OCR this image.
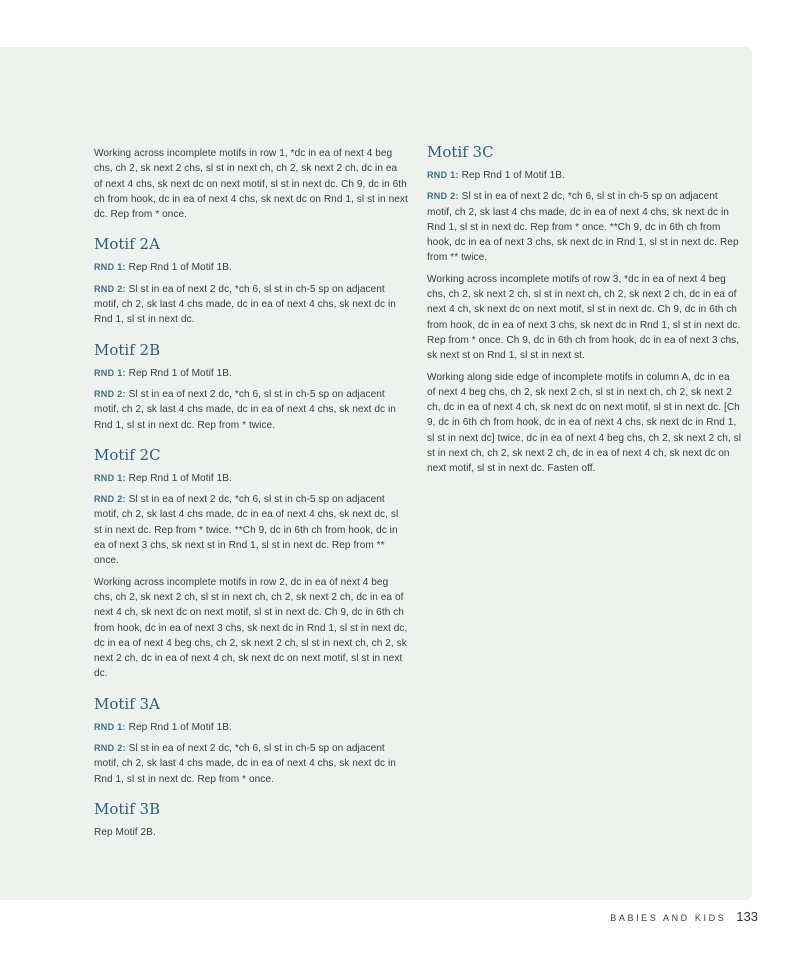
Working across incomplete motifs in row 1, *dc in ea of next 4 beg chs, ch 2, sk next 2 chs, sl st in next ch, ch 2, sk next 2 ch, dc in ea of next 4 chs, sk next dc on next motif, sl st in next dc. Ch 9, dc in 6th ch from hook, dc in ea of next 4 chs, sk next dc on Rnd 1, sl st in next dc. Rep from * once.

Motif 2A

RND 1: Rep Rnd 1 of Motif 1B.

RND 2: Sl st in ea of next 2 dc, *ch 6, sl st in ch-5 sp on adjacent motif, ch 2, sk last 4 chs made, dc in ea of next 4 chs, sk next dc in Rnd 1, sl st in next dc.

Motif 2B

RND 1: Rep Rnd 1 of Motif 1B.

RND 2: Sl st in ea of next 2 dc, *ch 6, sl st in ch-5 sp on adjacent motif, ch 2, sk last 4 chs made, dc in ea of next 4 chs, sk next dc in Rnd 1, sl st in next dc. Rep from * twice.

Motif 2C

RND 1: Rep Rnd 1 of Motif 1B.

RND 2: Sl st in ea of next 2 dc, *ch 6, sl st in ch-5 sp on adjacent motif, ch 2, sk last 4 chs made, dc in ea of next 4 chs, sk next dc, sl st in next dc. Rep from * twice. **Ch 9, dc in 6th ch from hook, dc in ea of next 3 chs, sk next st in Rnd 1, sl st in next dc. Rep from ** once.

Working across incomplete motifs in row 2, dc in ea of next 4 beg chs, ch 2, sk next 2 ch, sl st in next ch, ch 2, sk next 2 ch, dc in ea of next 4 ch, sk next dc on next motif, sl st in next dc. Ch 9, dc in 6th ch from hook, dc in ea of next 3 chs, sk next dc in Rnd 1, sl st in next dc, dc in ea of next 4 beg chs, ch 2, sk next 2 ch, sl st in next ch, ch 2, sk next 2 ch, dc in ea of next 4 ch, sk next dc on next motif, sl st in next dc.

Motif 3A

RND 1: Rep Rnd 1 of Motif 1B.

RND 2: Sl st in ea of next 2 dc, *ch 6, sl st in ch-5 sp on adjacent motif, ch 2, sk last 4 chs made, dc in ea of next 4 chs, sk next dc in Rnd 1, sl st in next dc. Rep from * once.

Motif 3B

Rep Motif 2B.

Motif 3C

RND 1: Rep Rnd 1 of Motif 1B.

RND 2: Sl st in ea of next 2 dc, *ch 6, sl st in ch-5 sp on adjacent motif, ch 2, sk last 4 chs made, dc in ea of next 4 chs, sk next dc in Rnd 1, sl st in next dc. Rep from * once. **Ch 9, dc in 6th ch from hook, dc in ea of next 3 chs, sk next dc in Rnd 1, sl st in next dc. Rep from ** twice.

Working across incomplete motifs of row 3, *dc in ea of next 4 beg chs, ch 2, sk next 2 ch, sl st in next ch, ch 2, sk next 2 ch, dc in ea of next 4 ch, sk next dc on next motif, sl st in next dc. Ch 9, dc in 6th ch from hook, dc in ea of next 3 chs, sk next dc in Rnd 1, sl st in next dc. Rep from * once. Ch 9, dc in 6th ch from hook, dc in ea of next 3 chs, sk next st on Rnd 1, sl st in next st.

Working along side edge of incomplete motifs in column A, dc in ea of next 4 beg chs, ch 2, sk next 2 ch, sl st in next ch, ch 2, sk next 2 ch, dc in ea of next 4 ch, sk next dc on next motif, sl st in next dc. [Ch 9, dc in 6th ch from hook, dc in ea of next 4 chs, sk next dc in Rnd 1, sl st in next dc] twice, dc in ea of next 4 beg chs, ch 2, sk next 2 ch, sl st in next ch, ch 2, sk next 2 ch, dc in ea of next 4 ch, sk next dc on next motif, sl st in next dc. Fasten off.

BABIES AND KIDS 133
